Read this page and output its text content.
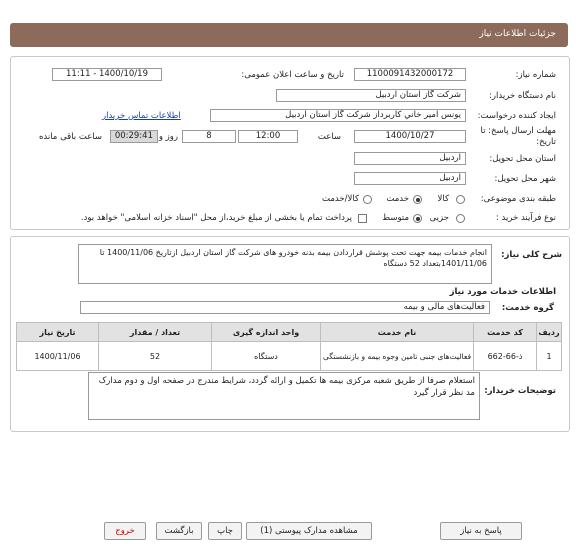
جزئيات اطلاعات نياز
شماره نياز:
1100091432000172
تاريخ و ساعت اعلان عمومی:
1400/10/19 - 11:11
نام دستگاه خريدار:
شرکت گاز استان اردبيل
ايجاد کننده درخواست:
يونس امير خاني کاربرداز شرکت گاز استان اردبيل
اطلاعات تماس خريدار
مهلت ارسال پاسخ: تا تاريخ:
1400/10/27
ساعت
12:00
8
روز و
00:29:41
ساعت باقی مانده
استان محل تحويل:
اردبيل
شهر محل تحويل:
اردبيل
طبقه بندی موضوعی:
کالا
خدمت
کالا/خدمت
نوع فرآيند خريد :
جزيی
متوسط
پرداخت تمام يا بخشی از مبلغ خريد،از محل "اسناد خزانه اسلامی" خواهد بود.
شرح کلی نياز:
انجام خدمات بیمه جهت تحت پوشش قراردادن بیمه بدنه خودرو های شرکت گاز استان اردبیل ازتاریخ 1400/11/06 تا 1401/11/06بتعداد 52 دستگاه
اطلاعات خدمات مورد نياز
گروه خدمت:
فعاليت‌های مالی و بيمه
رديف	کد خدمت	نام خدمت	واحد اندازه گيری	تعداد / مقدار	تاريخ نياز
1	ذ-66-662	فعاليت‌های جنبی تامين وجوه بيمه و بازنشستگی	دستگاه	52	1400/11/06
توضيحات خريدار:
استعلام صرفا از طريق شعبه مرکزی بيمه ها تکميل و ارائه گردد، شرايط مندرج در صفحه اول و دوم مدارک مد نظر قرار گيرد
پاسخ به نياز
مشاهده مدارک پيوستی (1)
چاپ
بازگشت
خروج
